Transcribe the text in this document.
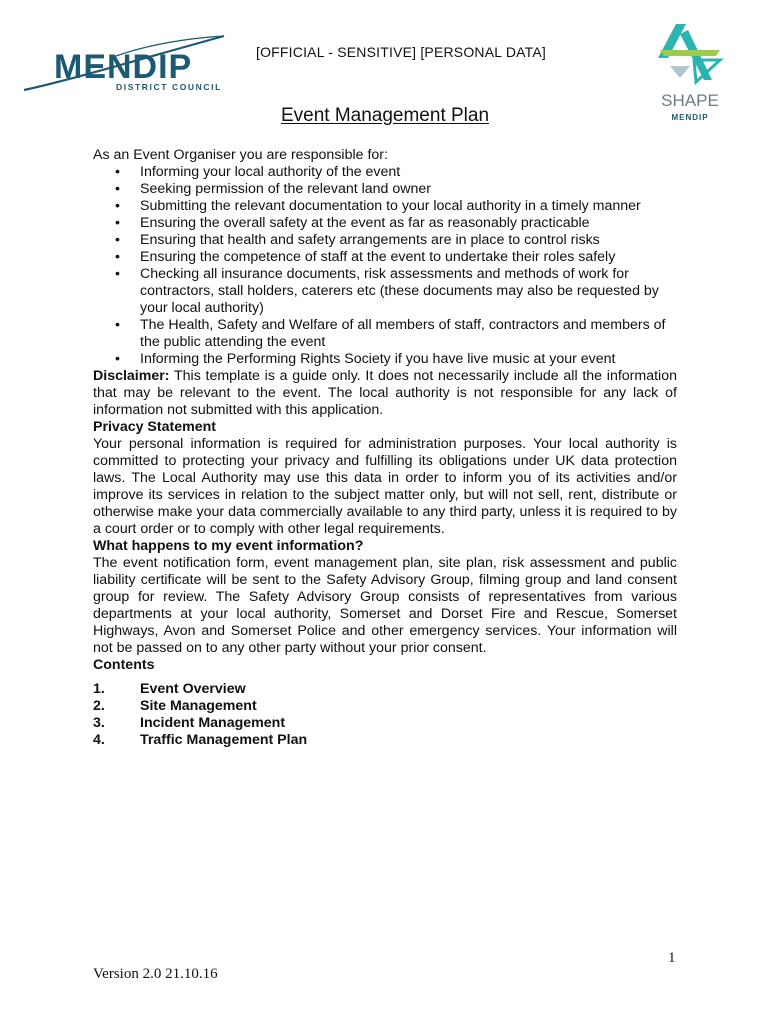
MENDIP
DISTRICT COUNCIL
[OFFICIAL - SENSITIVE] [PERSONAL DATA]
SHAPE
MENDIP
Event Management Plan

As an Event Organiser you are responsible for:

• Informing your local authority of the event
• Seeking permission of the relevant land owner
• Submitting the relevant documentation to your local authority in a timely manner
• Ensuring the overall safety at the event as far as reasonably practicable
• Ensuring that health and safety arrangements are in place to control risks
• Ensuring the competence of staff at the event to undertake their roles safely
• Checking all insurance documents, risk assessments and methods of work for contractors, stall holders, caterers etc (these documents may also be requested by your local authority)
• The Health, Safety and Welfare of all members of staff, contractors and members of the public attending the event
• Informing the Performing Rights Society if you have live music at your event

Disclaimer: This template is a guide only. It does not necessarily include all the information that may be relevant to the event. The local authority is not responsible for any lack of information not submitted with this application.

Privacy Statement

Your personal information is required for administration purposes. Your local authority is committed to protecting your privacy and fulfilling its obligations under UK data protection laws. The Local Authority may use this data in order to inform you of its activities and/or improve its services in relation to the subject matter only, but will not sell, rent, distribute or otherwise make your data commercially available to any third party, unless it is required to by a court order or to comply with other legal requirements.

What happens to my event information?

The event notification form, event management plan, site plan, risk assessment and public liability certificate will be sent to the Safety Advisory Group, filming group and land consent group for review. The Safety Advisory Group consists of representatives from various departments at your local authority, Somerset and Dorset Fire and Rescue, Somerset Highways, Avon and Somerset Police and other emergency services. Your information will not be passed on to any other party without your prior consent.

Contents

1. Event Overview
2. Site Management
3. Incident Management
4. Traffic Management Plan
1
Version 2.0 21.10.16
